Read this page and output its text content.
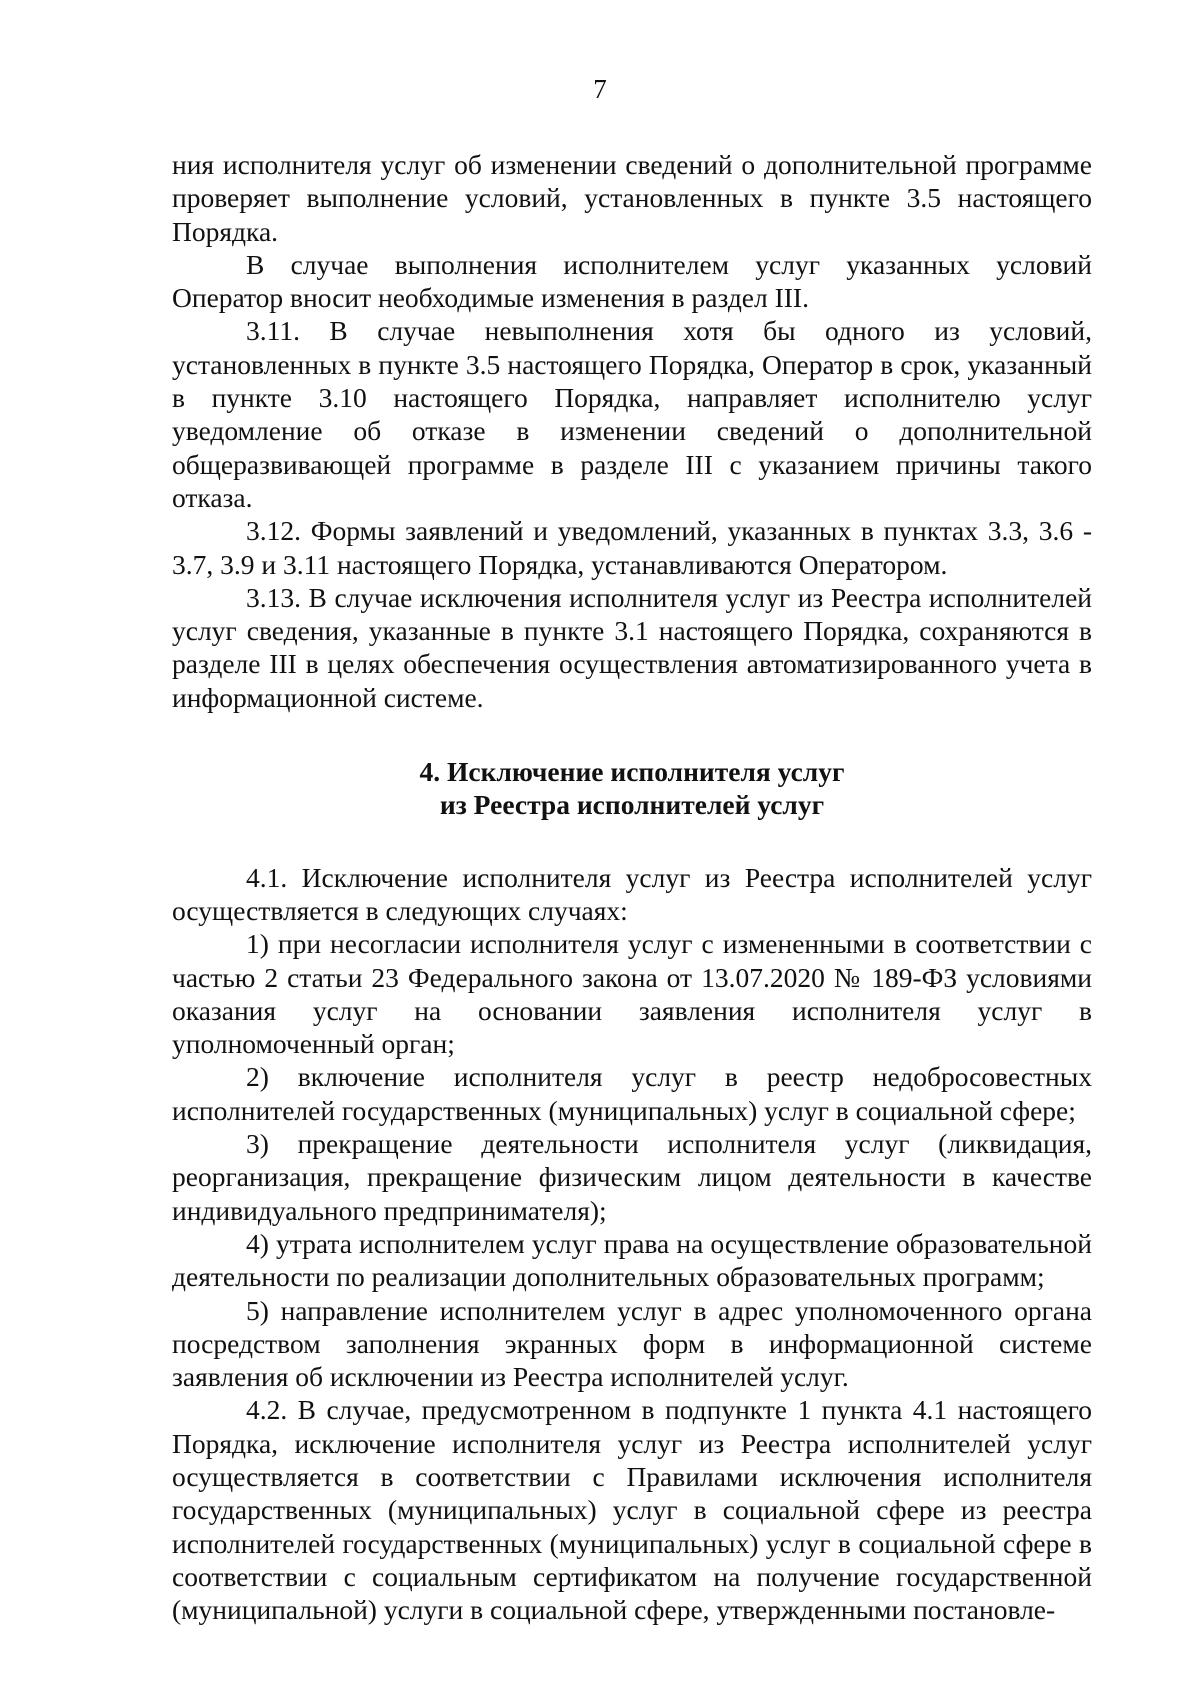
7

ния исполнителя услуг об изменении сведений о дополнительной программе проверяет выполнение условий, установленных в пункте 3.5 настоящего Порядка.

В случае выполнения исполнителем услуг указанных условий Оператор вносит необходимые изменения в раздел III.

3.11. В случае невыполнения хотя бы одного из условий, установленных в пункте 3.5 настоящего Порядка, Оператор в срок, указанный в пункте 3.10 настоящего Порядка, направляет исполнителю услуг уведомление об отказе в изменении сведений о дополнительной общеразвивающей программе в разделе III с указанием причины такого отказа.

3.12. Формы заявлений и уведомлений, указанных в пунктах 3.3, 3.6 - 3.7, 3.9 и 3.11 настоящего Порядка, устанавливаются Оператором.

3.13. В случае исключения исполнителя услуг из Реестра исполнителей услуг сведения, указанные в пункте 3.1 настоящего Порядка, сохраняются в разделе III в целях обеспечения осуществления автоматизированного учета в информационной системе.

4. Исключение исполнителя услуг
из Реестра исполнителей услуг

4.1. Исключение исполнителя услуг из Реестра исполнителей услуг осуществляется в следующих случаях:

1) при несогласии исполнителя услуг с измененными в соответствии с частью 2 статьи 23 Федерального закона от 13.07.2020 № 189-ФЗ условиями оказания услуг на основании заявления исполнителя услуг в уполномоченный орган;

2) включение исполнителя услуг в реестр недобросовестных исполнителей государственных (муниципальных) услуг в социальной сфере;

3) прекращение деятельности исполнителя услуг (ликвидация, реорганизация, прекращение физическим лицом деятельности в качестве индивидуального предпринимателя);

4) утрата исполнителем услуг права на осуществление образовательной деятельности по реализации дополнительных образовательных программ;

5) направление исполнителем услуг в адрес уполномоченного органа посредством заполнения экранных форм в информационной системе заявления об исключении из Реестра исполнителей услуг.

4.2. В случае, предусмотренном в подпункте 1 пункта 4.1 настоящего Порядка, исключение исполнителя услуг из Реестра исполнителей услуг осуществляется в соответствии с Правилами исключения исполнителя государственных (муниципальных) услуг в социальной сфере из реестра исполнителей государственных (муниципальных) услуг в социальной сфере в соответствии с социальным сертификатом на получение государственной (муниципальной) услуги в социальной сфере, утвержденными постановле-
